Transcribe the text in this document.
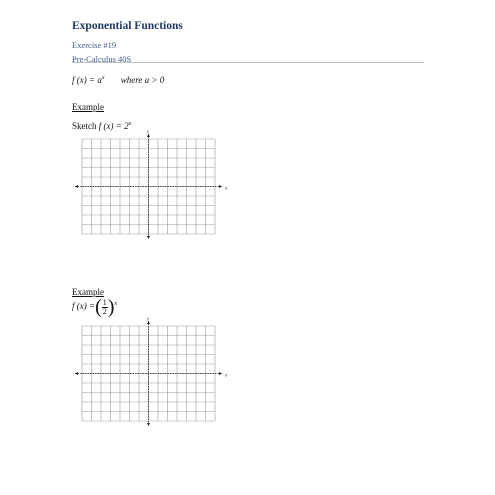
Exponential Functions
Exercise #19
Pre-Calculus 40S
f $(x) = a^x$ where a > 0
Example
Sketch f $(x) = 2^x$
x
y
Example
f (x) =( $\frac{1}{2} )^x$
x
y
